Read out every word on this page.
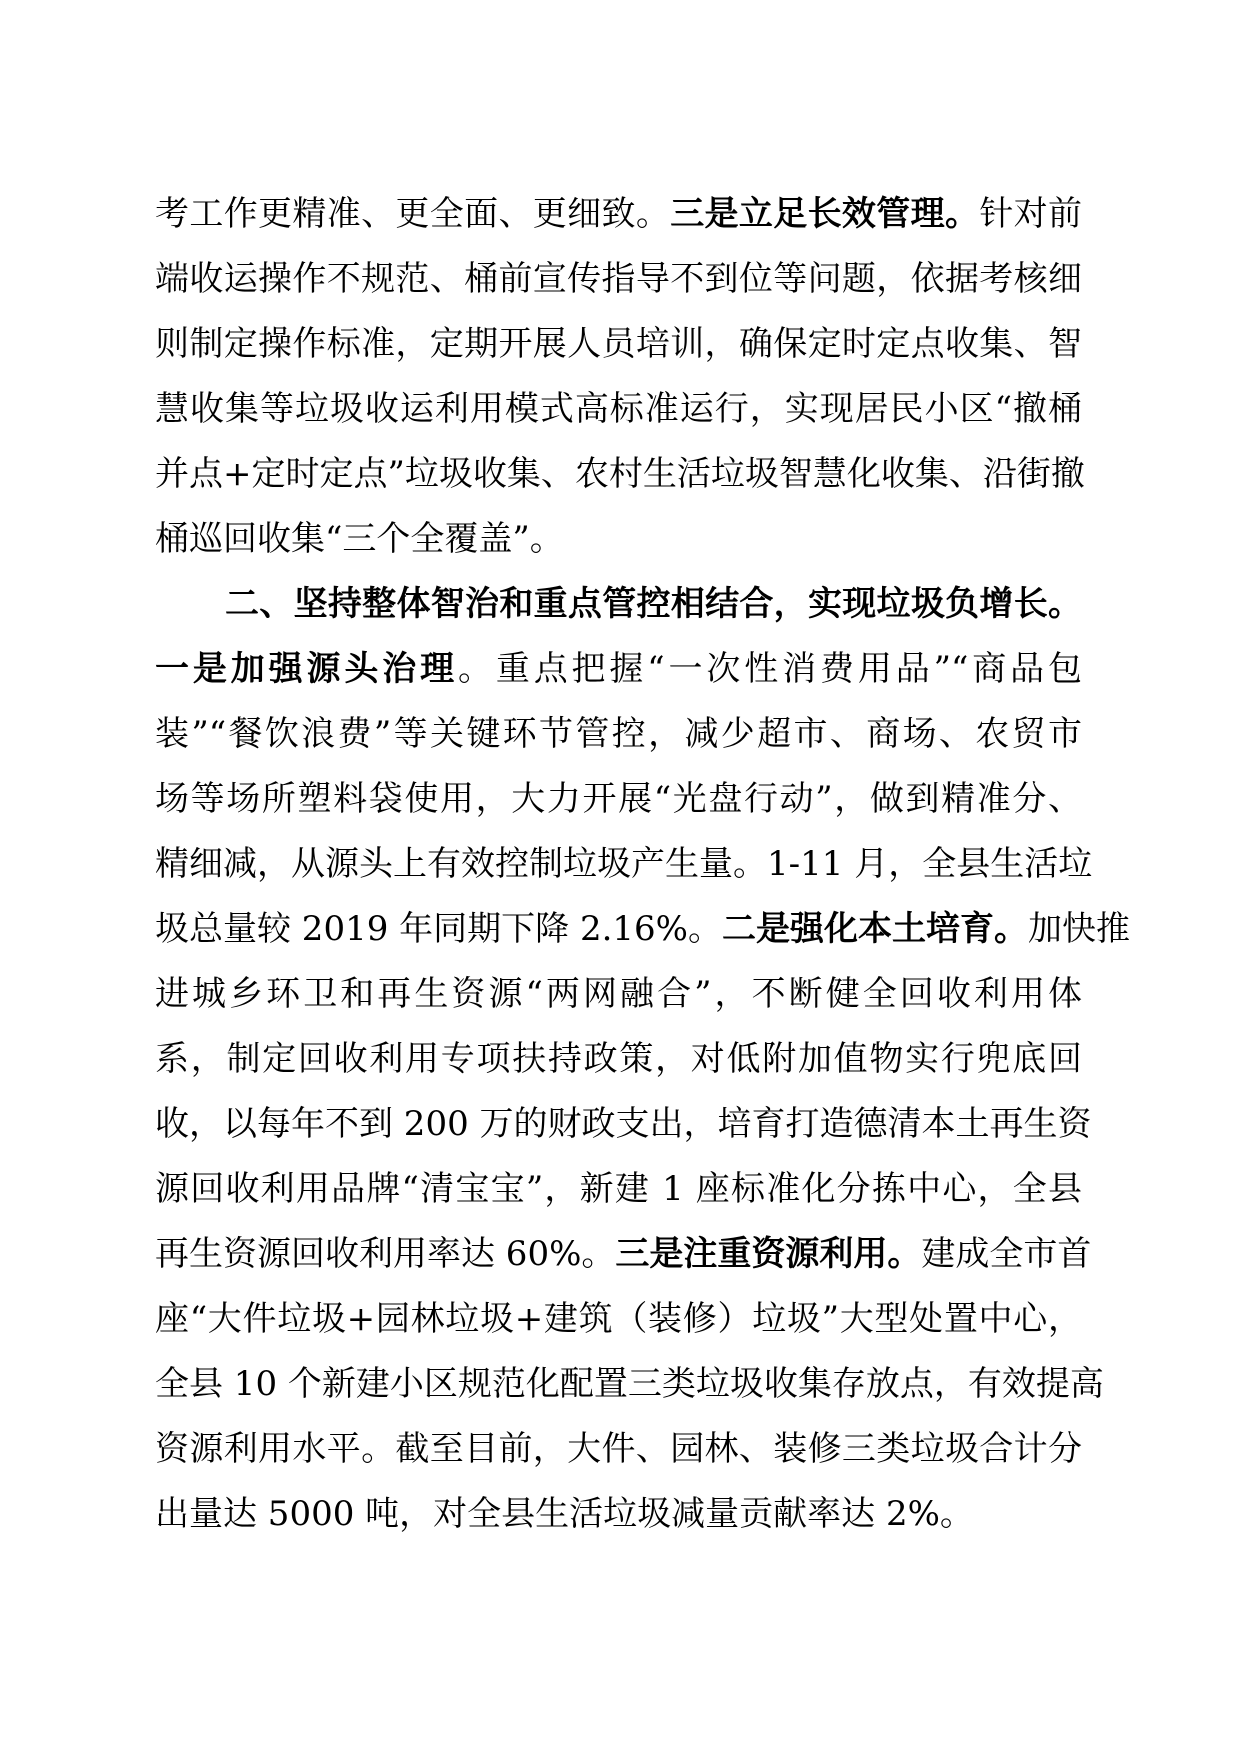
考工作更精准、更全面、更细致。三是立足长效管理。针对前
端收运操作不规范、桶前宣传指导不到位等问题，依据考核细
则制定操作标准，定期开展人员培训，确保定时定点收集、智
慧收集等垃圾收运利用模式高标准运行，实现居民小区“撤桶
并点+定时定点”垃圾收集、农村生活垃圾智慧化收集、沿街撤
桶巡回收集“三个全覆盖”。
二、坚持整体智治和重点管控相结合，实现垃圾负增长。
一是加强源头治理。重点把握“一次性消费用品”“商品包
装”“餐饮浪费”等关键环节管控，减少超市、商场、农贸市
场等场所塑料袋使用，大力开展“光盘行动”，做到精准分、
精细减，从源头上有效控制垃圾产生量。1-11 月，全县生活垃
圾总量较 2019 年同期下降 2.16%。二是强化本土培育。加快推
进城乡环卫和再生资源“两网融合”，不断健全回收利用体
系，制定回收利用专项扶持政策，对低附加值物实行兜底回
收，以每年不到 200 万的财政支出，培育打造德清本土再生资
源回收利用品牌“清宝宝”，新建 1 座标准化分拣中心，全县
再生资源回收利用率达 60%。三是注重资源利用。建成全市首
座“大件垃圾+园林垃圾+建筑（装修）垃圾”大型处置中心，
全县 10 个新建小区规范化配置三类垃圾收集存放点，有效提高
资源利用水平。截至目前，大件、园林、装修三类垃圾合计分
出量达 5000 吨，对全县生活垃圾减量贡献率达 2%。
